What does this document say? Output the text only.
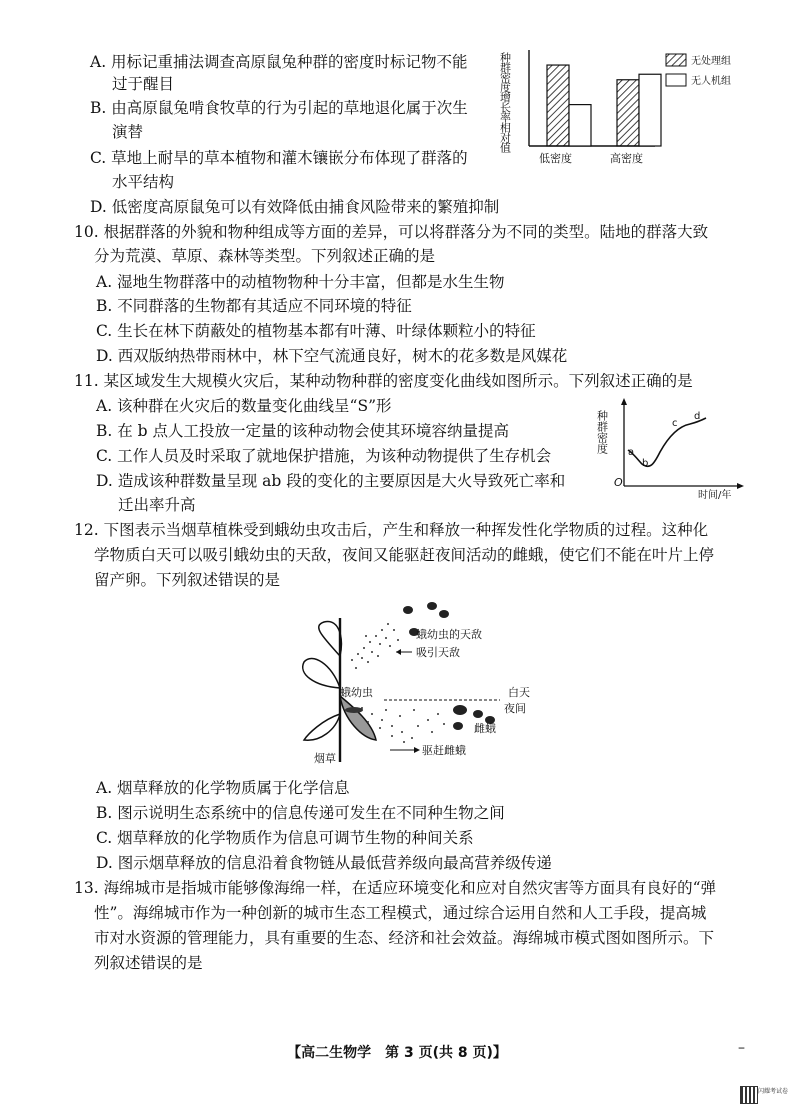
A. 用标记重捕法调查高原鼠兔种群的密度时标记物不能
过于醒目
B. 由高原鼠兔啃食牧草的行为引起的草地退化属于次生
演替
C. 草地上耐旱的草本植物和灌木镶嵌分布体现了群落的
水平结构
D. 低密度高原鼠兔可以有效降低由捕食风险带来的繁殖抑制
种群密度增长率相对值
低密度	高密度
无处理组
无人机组
10. 根据群落的外貌和物种组成等方面的差异，可以将群落分为不同的类型。陆地的群落大致
分为荒漠、草原、森林等类型。下列叙述正确的是
A. 湿地生物群落中的动植物物种十分丰富，但都是水生生物
B. 不同群落的生物都有其适应不同环境的特征
C. 生长在林下荫蔽处的植物基本都有叶薄、叶绿体颗粒小的特征
D. 西双版纳热带雨林中，林下空气流通良好，树木的花多数是风媒花
11. 某区域发生大规模火灾后，某种动物种群的密度变化曲线如图所示。下列叙述正确的是
A. 该种群在火灾后的数量变化曲线呈“S”形
B. 在 b 点人工投放一定量的该种动物会使其环境容纳量提高
C. 工作人员及时采取了就地保护措施，为该种动物提供了生存机会
D. 造成该种群数量呈现 ab 段的变化的主要原因是大火导致死亡率和
迁出率升高
种群密度
O
a
b
c
d
时间/年
12. 下图表示当烟草植株受到蛾幼虫攻击后，产生和释放一种挥发性化学物质的过程。这种化
学物质白天可以吸引蛾幼虫的天敌，夜间又能驱赶夜间活动的雌蛾，使它们不能在叶片上停
留产卵。下列叙述错误的是
蛾幼虫的天敌
吸引天敌
蛾幼虫	白天
夜间
雌蛾
驱赶雌蛾
烟草
A. 烟草释放的化学物质属于化学信息
B. 图示说明生态系统中的信息传递可发生在不同种生物之间
C. 烟草释放的化学物质作为信息可调节生物的种间关系
D. 图示烟草释放的信息沿着食物链从最低营养级向最高营养级传递
13. 海绵城市是指城市能够像海绵一样，在适应环境变化和应对自然灾害等方面具有良好的“弹
性”。海绵城市作为一种创新的城市生态工程模式，通过综合运用自然和人工手段，提高城
市对水资源的管理能力，具有重要的生态、经济和社会效益。海绵城市模式图如图所示。下
列叙述错误的是
【高二生物学　第 3 页(共 8 页)】	–
闪耀考试卷
